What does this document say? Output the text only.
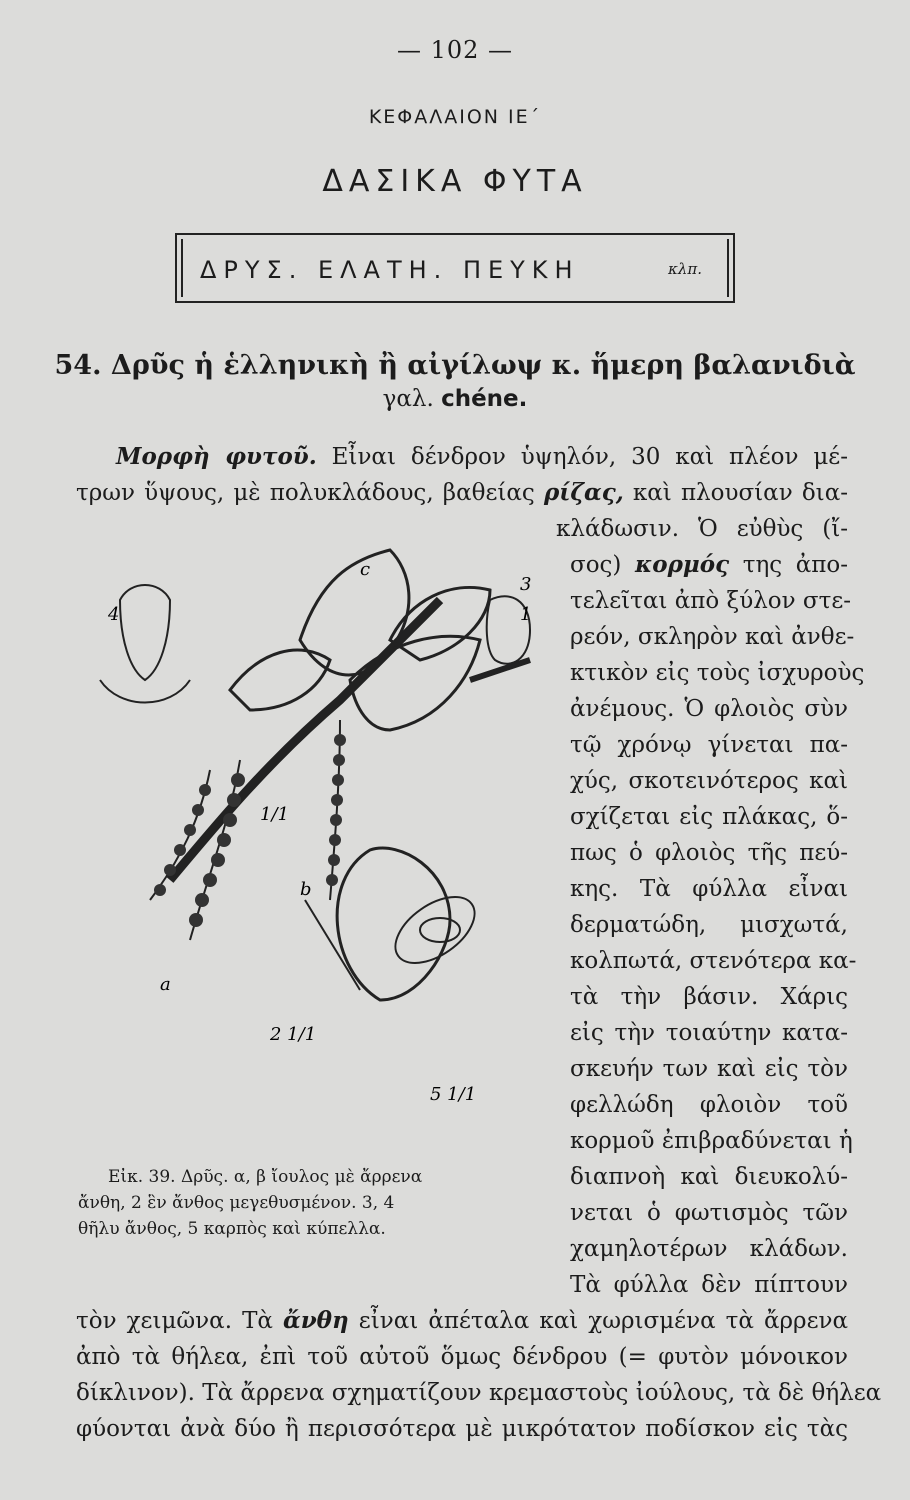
— 102 —
ΚΕΦΑΛΑΙΟΝ ΙΕ΄
ΔΑΣΙΚΑ ΦΥΤΑ
ΔΡΥΣ. ΕΛΑΤΗ. ΠΕΥΚΗ	κλπ.
54. Δρῦς ἡ ἑλληνικὴ ἢ αἰγίλωψ κ. ἥμερη βαλανιδιὰ
γαλ. chéne.
Μορφὴ φυτοῦ. Εἶναι δένδρον ὑψηλόν, 30 καὶ πλέον μέ-
τρων ὕψους, μὲ πολυκλάδους, βαθείας ρίζας, καὶ πλουσίαν δια-
κλάδωσιν. Ὁ εὐθὺς (ἴ-
σος) κορμός της ἀπο-
τελεῖται ἀπὸ ξύλον στε-
ρεόν, σκληρὸν καὶ ἀνθε-
κτικὸν εἰς τοὺς ἰσχυροὺς
ἀνέμους. Ὁ φλοιὸς σὺν
τῷ χρόνῳ γίνεται πα-
χύς, σκοτεινότερος καὶ
σχίζεται εἰς πλάκας, ὅ-
πως ὁ φλοιὸς τῆς πεύ-
κης. Τὰ φύλλα εἶναι
δερματώδη, μισχωτά,
κολπωτά, στενότερα κα-
τὰ τὴν βάσιν. Χάρις
εἰς τὴν τοιαύτην κατα-
σκευήν των καὶ εἰς τὸν
φελλώδη φλοιὸν τοῦ
κορμοῦ ἐπιβραδύνεται ἡ
διαπνοὴ καὶ διευκολύ-
νεται ὁ φωτισμὸς τῶν
χαμηλοτέρων κλάδων.
Τὰ φύλλα δὲν πίπτουν
τὸν χειμῶνα. Τὰ ἄνθη εἶναι ἀπέταλα καὶ χωρισμένα τὰ ἄρρενα
ἀπὸ τὰ θήλεα, ἐπὶ τοῦ αὐτοῦ ὅμως δένδρου (= φυτὸν μόνοικον
δίκλινον). Τὰ ἄρρενα σχηματίζουν κρεμαστοὺς ἰούλους, τὰ δὲ θήλεα
φύονται ἀνὰ δύο ἢ περισσότερα μὲ μικρότατον ποδίσκον εἰς τὰς
Εἰκ. 39. Δρῦς. α, β ἴουλος μὲ ἄρρενα
ἄνθη, 2 ἓν ἄνθος μεγεθυσμένον. 3, 4
θῆλυ ἄνθος, 5 καρπὸς καὶ κύπελλα.
4
3
1
c
b
a
1/1
2 1/1
5 1/1
